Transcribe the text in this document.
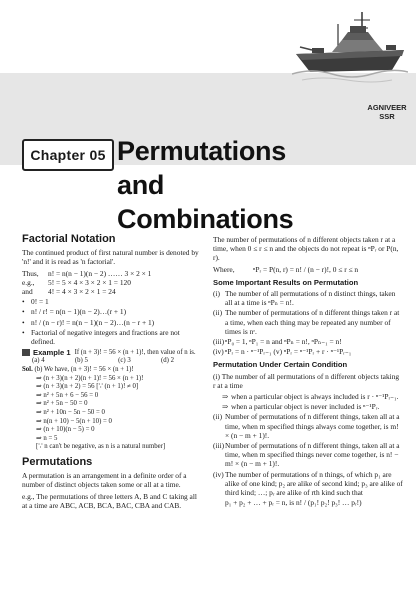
AGNIVEER
SSR
Chapter 05 Permutations
and Combinations
Factorial Notation

The continued product of first natural number is denoted by 'n!' and it is read as 'n factorial'.

Thus,	n! = n(n − 1)(n − 2) …… 3 × 2 × 1
e.g.,	5! = 5 × 4 × 3 × 2 × 1 = 120
and	4! = 4 × 3 × 2 × 1 = 24
• 0! = 1
• n! / r! = n(n − 1)(n − 2)…(r + 1)
• n! / (n − r)! = n(n − 1)(n − 2)…(n − r + 1)
• Factorial of negative integers and fractions are not defined.
Example 1 If (n + 3)! = 56 × (n + 1)!, then value of n is.
(a) 4	(b) 5	(c) 3	(d) 2
Sol. (b) We have, (n + 3)! = 56 × (n + 1)!
⇒ (n + 3)(n + 2)(n + 1)! = 56 × (n + 1)!
⇒ (n + 3)(n + 2) = 56 [∵ (n + 1)! ≠ 0]
⇒ n² + 5n + 6 − 56 = 0
⇒ n² + 5n − 50 = 0
⇒ n² + 10n − 5n − 50 = 0
⇒ n(n + 10) − 5(n + 10) = 0
⇒ (n + 10)(n − 5) = 0
⇒ n = 5
[∵ n can't be negative, as n is a natural number]
Permutations

A permutation is an arrangement in a definite order of a number of distinct objects taken some or all at a time.

e.g., The permutations of three letters A, B and C taking all at a time are ABC, ACB, BCA, BAC, CBA and CAB.

The number of permutations of n different objects taken r at a time, when 0 ≤ r ≤ n and the objects do not repeat is ⁿPᵣ or P(n, r).

Where,	ⁿPᵣ = P(n, r) = n! / (n − r)!, 0 ≤ r ≤ n
Some Important Results on Permutation
(i) The number of all permutations of n distinct things, taken all at a time is ⁿPₙ = n!.
(ii) The number of permutations of n different things taken r at a time, when each thing may be repeated any number of times is nʳ.
(iii) ⁿP₀ = 1, ⁿP₁ = n and ⁿPₙ = n!, ⁿPₙ₋₁ = n!
(iv) ⁿPᵣ = n · ⁿ⁻¹Pᵣ₋₁ (v) ⁿPᵣ = ⁿ⁻¹Pᵣ + r · ⁿ⁻¹Pᵣ₋₁
Permutation Under Certain Condition

(i) The number of all permutations of n different objects taking r at a time

⇒ when a particular object is always included is r · ⁿ⁻¹Pᵣ₋₁.
⇒ when a particular object is never included is ⁿ⁻¹Pᵣ.
(ii) Number of permutations of n different things, taken all at a time, when m specified things always come together, is m! × (n − m + 1)!.
(iii) Number of permutations of n different things, taken all at a time, when m specified things never come together, is n! − m! × (n − m + 1)!.
(iv) The number of permutations of n things, of which p₁ are alike of one kind; p₂ are alike of second kind; p₃ are alike of third kind; …; pᵣ are alike of rth kind such that
p₁ + p₂ + … + pᵣ = n, is n! / (p₁! p₂! p₃! … pᵣ!)
